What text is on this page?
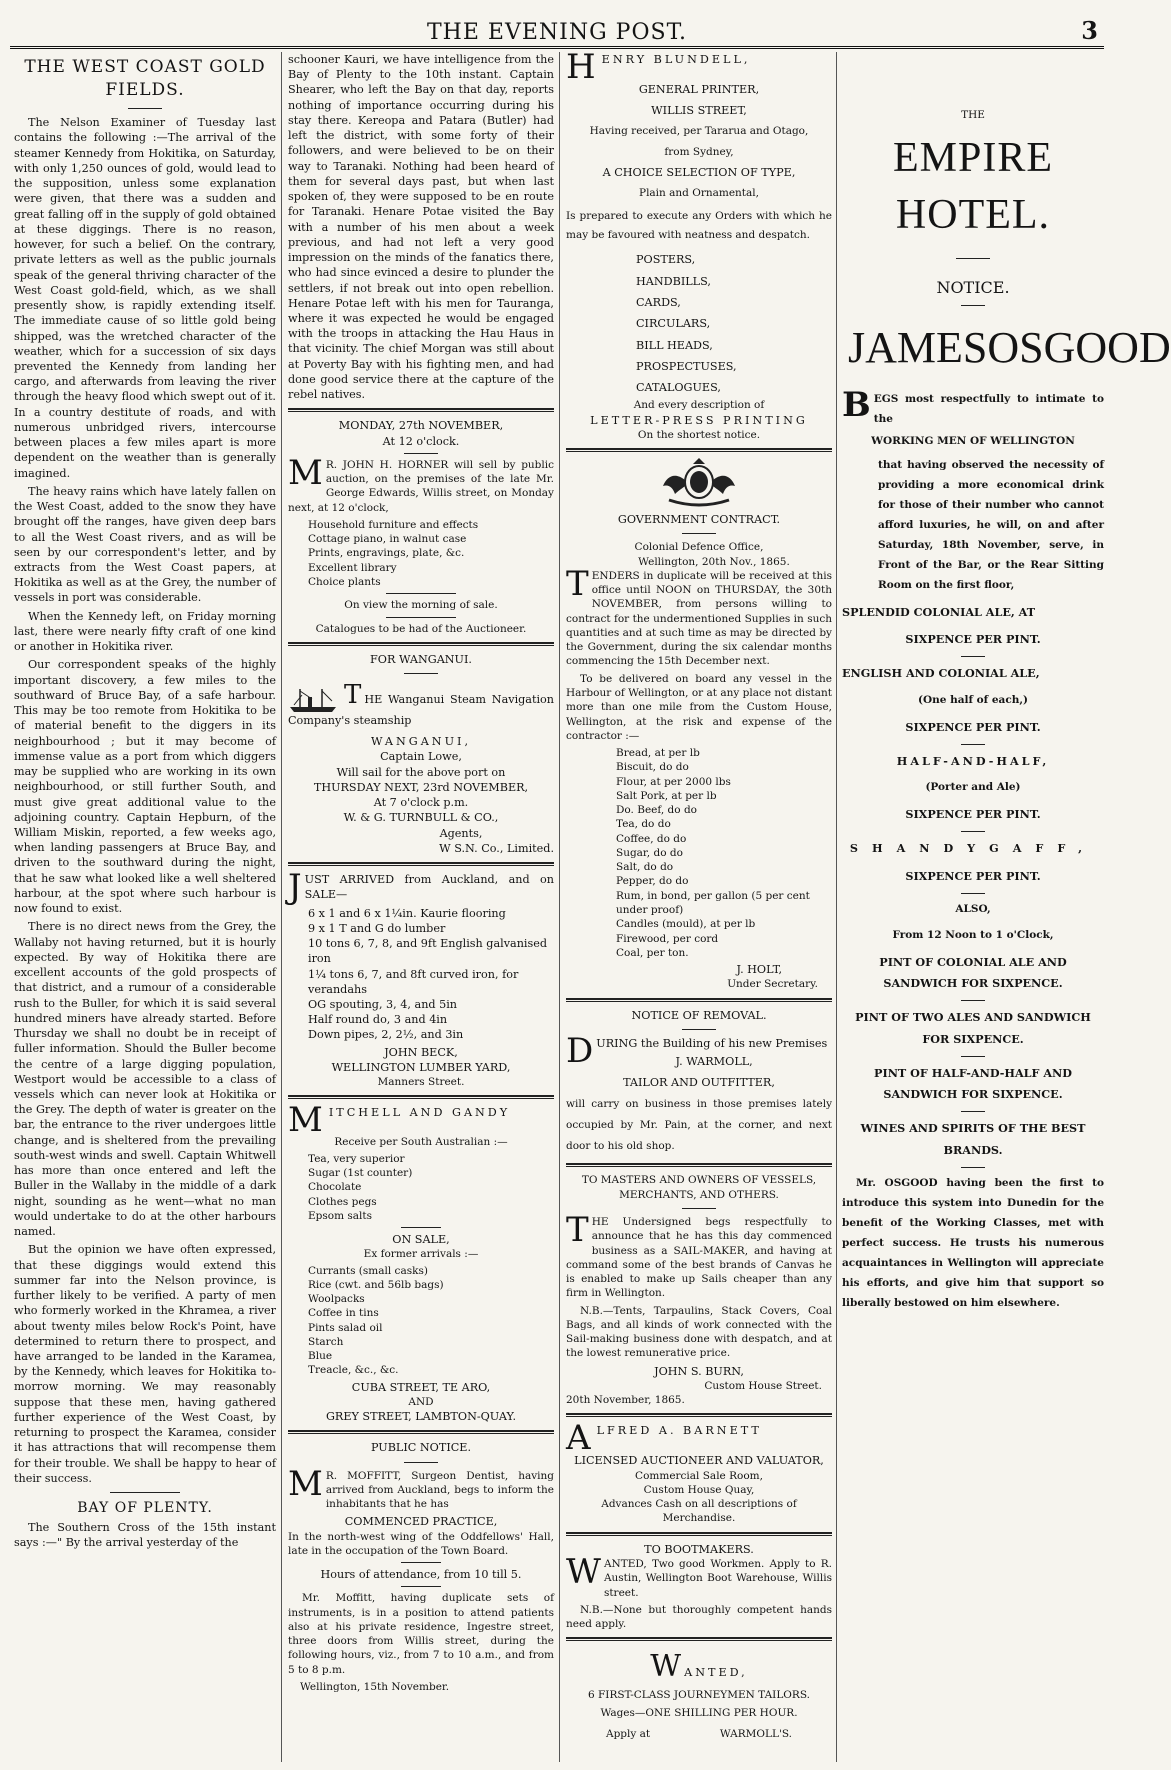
THE EVENING POST.	3
THE WEST COAST GOLD FIELDS.

The Nelson Examiner of Tuesday last contains the following :—The arrival of the steamer Kennedy from Hokitika, on Saturday, with only 1,250 ounces of gold, would lead to the supposition, unless some explanation were given, that there was a sudden and great falling off in the supply of gold obtained at these diggings. There is no reason, however, for such a belief. On the contrary, private letters as well as the public journals speak of the general thriving character of the West Coast gold-field, which, as we shall presently show, is rapidly extending itself. The immediate cause of so little gold being shipped, was the wretched character of the weather, which for a succession of six days prevented the Kennedy from landing her cargo, and afterwards from leaving the river through the heavy flood which swept out of it. In a country destitute of roads, and with numerous unbridged rivers, intercourse between places a few miles apart is more dependent on the weather than is generally imagined.

The heavy rains which have lately fallen on the West Coast, added to the snow they have brought off the ranges, have given deep bars to all the West Coast rivers, and as will be seen by our correspondent's letter, and by extracts from the West Coast papers, at Hokitika as well as at the Grey, the number of vessels in port was considerable.

When the Kennedy left, on Friday morning last, there were nearly fifty craft of one kind or another in Hokitika river.

Our correspondent speaks of the highly important discovery, a few miles to the southward of Bruce Bay, of a safe harbour. This may be too remote from Hokitika to be of material benefit to the diggers in its neighbourhood ; but it may become of immense value as a port from which diggers may be supplied who are working in its own neighbourhood, or still further South, and must give great additional value to the adjoining country. Captain Hepburn, of the William Miskin, reported, a few weeks ago, when landing passengers at Bruce Bay, and driven to the southward during the night, that he saw what looked like a well sheltered harbour, at the spot where such harbour is now found to exist.

There is no direct news from the Grey, the Wallaby not having returned, but it is hourly expected. By way of Hokitika there are excellent accounts of the gold prospects of that district, and a rumour of a considerable rush to the Buller, for which it is said several hundred miners have already started. Before Thursday we shall no doubt be in receipt of fuller information. Should the Buller become the centre of a large digging population, Westport would be accessible to a class of vessels which can never look at Hokitika or the Grey. The depth of water is greater on the bar, the entrance to the river undergoes little change, and is sheltered from the prevailing south-west winds and swell. Captain Whitwell has more than once entered and left the Buller in the Wallaby in the middle of a dark night, sounding as he went—what no man would undertake to do at the other harbours named.

But the opinion we have often expressed, that these diggings would extend this summer far into the Nelson province, is further likely to be verified. A party of men who formerly worked in the Khramea, a river about twenty miles below Rock's Point, have determined to return there to prospect, and have arranged to be landed in the Karamea, by the Kennedy, which leaves for Hokitika to-morrow morning. We may reasonably suppose that these men, having gathered further experience of the West Coast, by returning to prospect the Karamea, consider it has attractions that will recompense them for their trouble. We shall be happy to hear of their success.

BAY OF PLENTY.

The Southern Cross of the 15th instant says :—" By the arrival yesterday of the

schooner Kauri, we have intelligence from the Bay of Plenty to the 10th instant. Captain Shearer, who left the Bay on that day, reports nothing of importance occurring during his stay there. Kereopa and Patara (Butler) had left the district, with some forty of their followers, and were believed to be on their way to Taranaki. Nothing had been heard of them for several days past, but when last spoken of, they were supposed to be en route for Taranaki. Henare Potae visited the Bay with a number of his men about a week previous, and had not left a very good impression on the minds of the fanatics there, who had since evinced a desire to plunder the settlers, if not break out into open rebellion. Henare Potae left with his men for Tauranga, where it was expected he would be engaged with the troops in attacking the Hau Haus in that vicinity. The chief Morgan was still about at Poverty Bay with his fighting men, and had done good service there at the capture of the rebel natives.

MONDAY, 27th NOVEMBER,
At 12 o'clock.

M R. JOHN H. HORNER will sell by public auction, on the premises of the late Mr. George Edwards, Willis street, on Monday next, at 12 o'clock,

Household furniture and effects
Cottage piano, in walnut case
Prints, engravings, plate, &c.
Excellent library
Choice plants
On view the morning of sale.
Catalogues to be had of the Auctioneer.
FOR WANGANUI.

THE Wanganui Steam Navigation Company's steamship

WANGANUI,
Captain Lowe,
Will sail for the above port on
THURSDAY NEXT, 23rd NOVEMBER,
At 7 o'clock p.m.
W. & G. TURNBULL & CO.,
Agents,
W S.N. Co., Limited.

JUST ARRIVED from Auckland, and on SALE—

6 x 1 and 6 x 1¼in. Kaurie flooring
9 x 1 T and G do lumber
10 tons 6, 7, 8, and 9ft English galvanised iron
1¼ tons 6, 7, and 8ft curved iron, for verandahs
OG spouting, 3, 4, and 5in
Half round do, 3 and 4in
Down pipes, 2, 2½, and 3in
JOHN BECK,
WELLINGTON LUMBER YARD,
Manners Street.

MITCHELL AND GANDY

Receive per South Australian :—
Tea, very superior
Sugar (1st counter)
Chocolate
Clothes pegs
Epsom salts
ON SALE,
Ex former arrivals :—
Currants (small casks)
Rice (cwt. and 56lb bags)
Woolpacks
Coffee in tins
Pints salad oil
Starch
Blue
Treacle, &c., &c.
CUBA STREET, TE ARO,
AND
GREY STREET, LAMBTON-QUAY.
PUBLIC NOTICE.

M R. MOFFITT, Surgeon Dentist, having arrived from Auckland, begs to inform the inhabitants that he has

COMMENCED PRACTICE,

In the north-west wing of the Oddfellows' Hall, late in the occupation of the Town Board.

Hours of attendance, from 10 till 5.

Mr. Moffitt, having duplicate sets of instruments, is in a position to attend patients also at his private residence, Ingestre street, three doors from Willis street, during the following hours, viz., from 7 to 10 a.m., and from 5 to 8 p.m.

Wellington, 15th November.

HENRY BLUNDELL,

GENERAL PRINTER,
WILLIS STREET,
Having received, per Tararua and Otago,
from Sydney,
A CHOICE SELECTION OF TYPE,
Plain and Ornamental,

Is prepared to execute any Orders with which he may be favoured with neatness and despatch.

POSTERS,
HANDBILLS,
CARDS,
CIRCULARS,
BILL HEADS,
PROSPECTUSES,
CATALOGUES,
And every description of
LETTER-PRESS PRINTING
On the shortest notice.
GOVERNMENT CONTRACT.
Colonial Defence Office,
Wellington, 20th Nov., 1865.

TENDERS in duplicate will be received at this office until NOON on THURSDAY, the 30th NOVEMBER, from persons willing to contract for the undermentioned Supplies in such quantities and at such time as may be directed by the Government, during the six calendar months commencing the 15th December next.

To be delivered on board any vessel in the Harbour of Wellington, or at any place not distant more than one mile from the Custom House, Wellington, at the risk and expense of the contractor :—

Bread, at per lb
Biscuit, do do
Flour, at per 2000 lbs
Salt Pork, at per lb
Do. Beef, do do
Tea, do do
Coffee, do do
Sugar, do do
Salt, do do
Pepper, do do
Rum, in bond, per gallon (5 per cent under proof)
Candles (mould), at per lb
Firewood, per cord
Coal, per ton.
J. HOLT,
Under Secretary.
NOTICE OF REMOVAL.

DURING the Building of his new Premises

J. WARMOLL,
TAILOR AND OUTFITTER,

will carry on business in those premises lately occupied by Mr. Pain, at the corner, and next door to his old shop.

TO MASTERS AND OWNERS OF VESSELS, MERCHANTS, AND OTHERS.

THE Undersigned begs respectfully to announce that he has this day commenced business as a SAIL-MAKER, and having at command some of the best brands of Canvas he is enabled to make up Sails cheaper than any firm in Wellington.

N.B.—Tents, Tarpaulins, Stack Covers, Coal Bags, and all kinds of work connected with the Sail-making business done with despatch, and at the lowest remunerative price.

JOHN S. BURN,
Custom House Street.
20th November, 1865.

ALFRED A. BARNETT

LICENSED AUCTIONEER AND VALUATOR,
Commercial Sale Room,
Custom House Quay,
Advances Cash on all descriptions of Merchandise.
TO BOOTMAKERS.

WANTED, Two good Workmen. Apply to R. Austin, Wellington Boot Warehouse, Willis street.

N.B.—None but thoroughly competent hands need apply.

WANTED,
6 FIRST-CLASS JOURNEYMEN TAILORS.
Wages—ONE SHILLING PER HOUR.
Apply at	WARMOLL'S.
THE
EMPIRE HOTEL.
NOTICE.
JAMES OSGOOD

BEGS most respectfully to intimate to the

WORKING MEN OF WELLINGTON

that having observed the necessity of providing a more economical drink for those of their number who cannot afford luxuries, he will, on and after Saturday, 18th November, serve, in Front of the Bar, or the Rear Sitting Room on the first floor,

SPLENDID COLONIAL ALE, AT
SIXPENCE PER PINT.
ENGLISH AND COLONIAL ALE,
(One half of each,)
SIXPENCE PER PINT.
HALF-AND-HALF,
(Porter and Ale)
SIXPENCE PER PINT.
SHANDYGAFF,
SIXPENCE PER PINT.
ALSO,
From 12 Noon to 1 o'Clock,
PINT OF COLONIAL ALE AND SANDWICH FOR SIXPENCE.
PINT OF TWO ALES AND SANDWICH FOR SIXPENCE.
PINT OF HALF-AND-HALF AND SANDWICH FOR SIXPENCE.
WINES AND SPIRITS OF THE BEST BRANDS.

Mr. OSGOOD having been the first to introduce this system into Dunedin for the benefit of the Working Classes, met with perfect success. He trusts his numerous acquaintances in Wellington will appreciate his efforts, and give him that support so liberally bestowed on him elsewhere.
